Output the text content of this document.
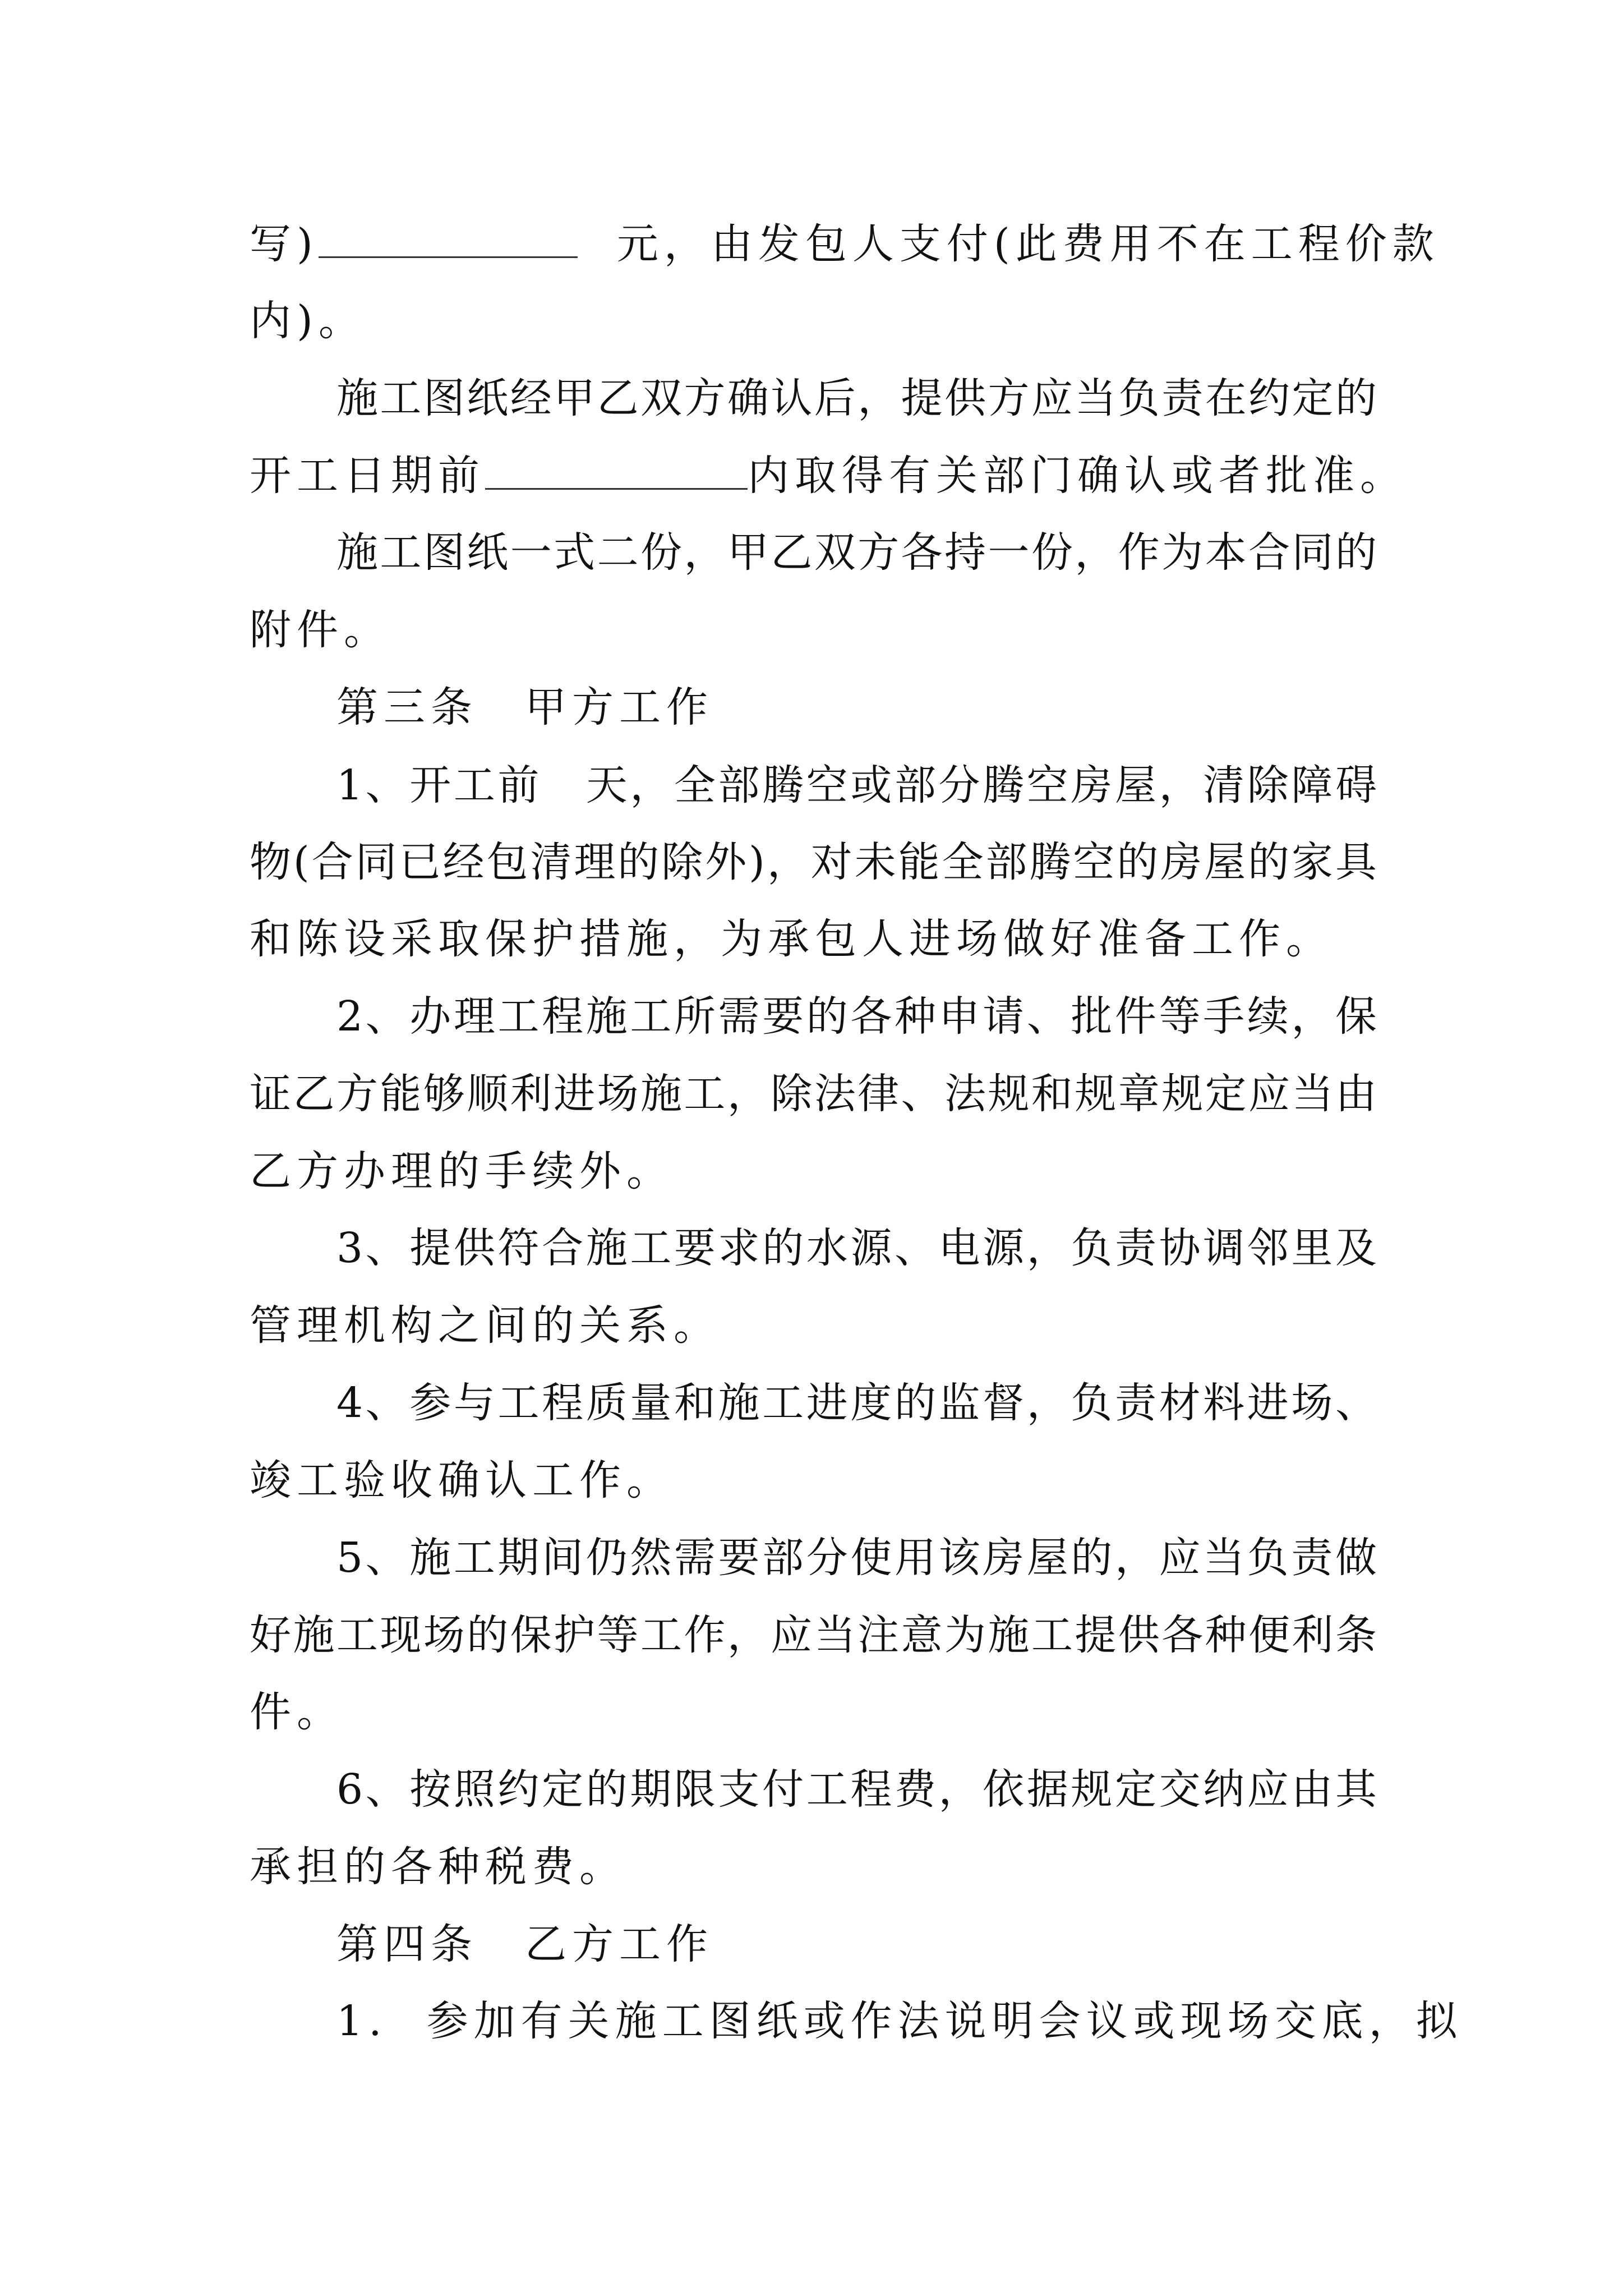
写)	元，由发包人支付(此费用不在工程价款
内)。
施工图纸经甲乙双方确认后，提供方应当负责在约定的
开工日期前	内取得有关部门确认或者批准。
施工图纸一式二份，甲乙双方各持一份，作为本合同的
附件。
第三条　甲方工作
1、开工前　天，全部腾空或部分腾空房屋，清除障碍
物(合同已经包清理的除外)，对未能全部腾空的房屋的家具
和陈设采取保护措施，为承包人进场做好准备工作。
2、办理工程施工所需要的各种申请、批件等手续，保
证乙方能够顺利进场施工，除法律、法规和规章规定应当由
乙方办理的手续外。
3、提供符合施工要求的水源、电源，负责协调邻里及
管理机构之间的关系。
4、参与工程质量和施工进度的监督，负责材料进场、
竣工验收确认工作。
5、施工期间仍然需要部分使用该房屋的，应当负责做
好施工现场的保护等工作，应当注意为施工提供各种便利条
件。
6、按照约定的期限支付工程费，依据规定交纳应由其
承担的各种税费。
第四条　乙方工作
1. 参加有关施工图纸或作法说明会议或现场交底，拟
